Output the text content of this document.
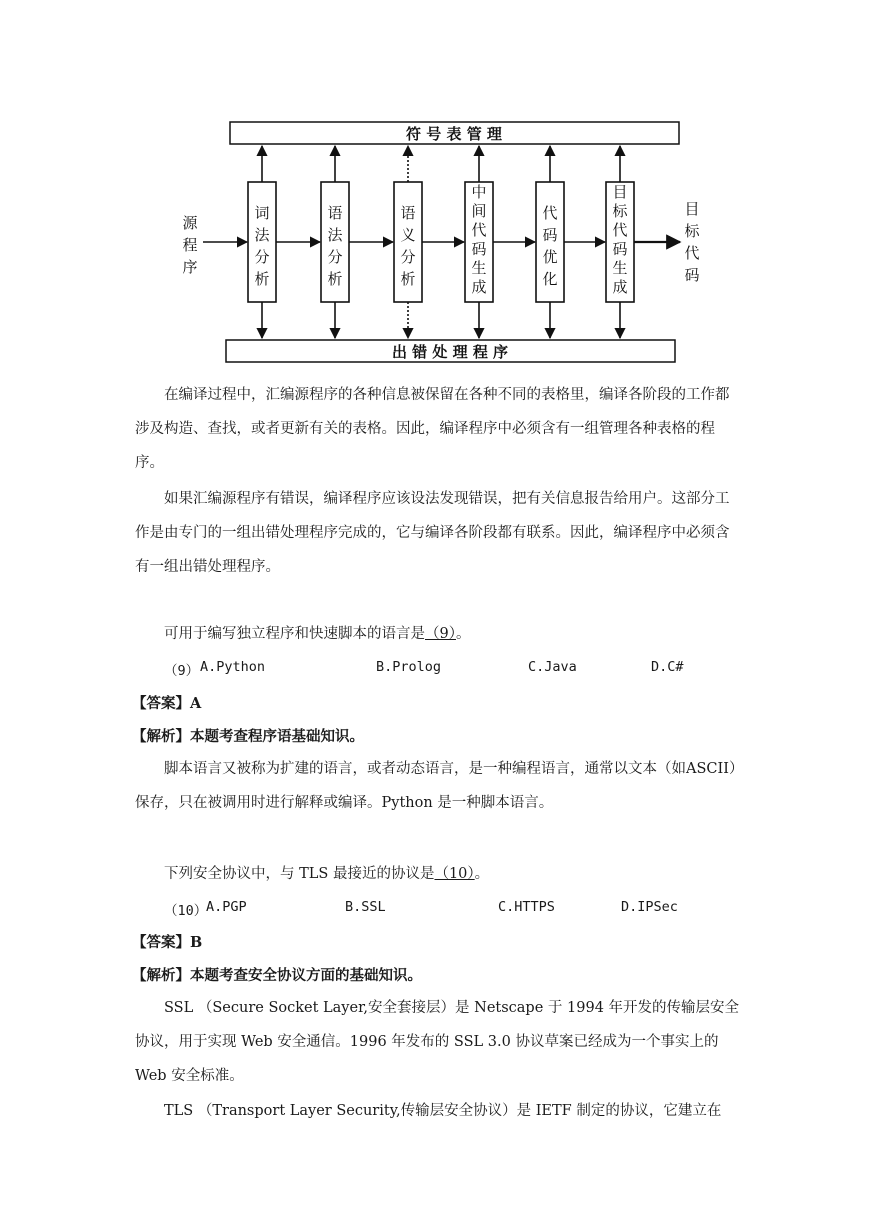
符 号 表 管 理
出 错 处 理 程 序
词法分析
语法分析
语义分析
中间代码生成
代码优化
目标代码生成
源程序
目标代码

在编译过程中，汇编源程序的各种信息被保留在各种不同的表格里，编译各阶段的工作都涉及构造、查找，或者更新有关的表格。因此，编译程序中必须含有一组管理各种表格的程序。

如果汇编源程序有错误，编译程序应该设法发现错误，把有关信息报告给用户。这部分工作是由专门的一组出错处理程序完成的，它与编译各阶段都有联系。因此，编译程序中必须含有一组出错处理程序。

可用于编写独立程序和快速脚本的语言是（9）。

（9） A.Python	B.Prolog	C.Java	D.C#

【答案】A

【解析】本题考查程序语基础知识。

脚本语言又被称为扩建的语言，或者动态语言，是一种编程语言，通常以文本（如ASCII）保存，只在被调用时进行解释或编译。Python 是一种脚本语言。

下列安全协议中，与 TLS 最接近的协议是（10）。

（10）
A.PGP	B.SSL	C.HTTPS	D.IPSec

【答案】B

【解析】本题考查安全协议方面的基础知识。

SSL （Secure Socket Layer,安全套接层）是 Netscape 于 1994 年开发的传输层安全协议，用于实现 Web 安全通信。1996 年发布的 SSL 3.0 协议草案已经成为一个事实上的 Web 安全标准。

TLS （Transport Layer Security,传输层安全协议）是 IETF 制定的协议，它建立在
